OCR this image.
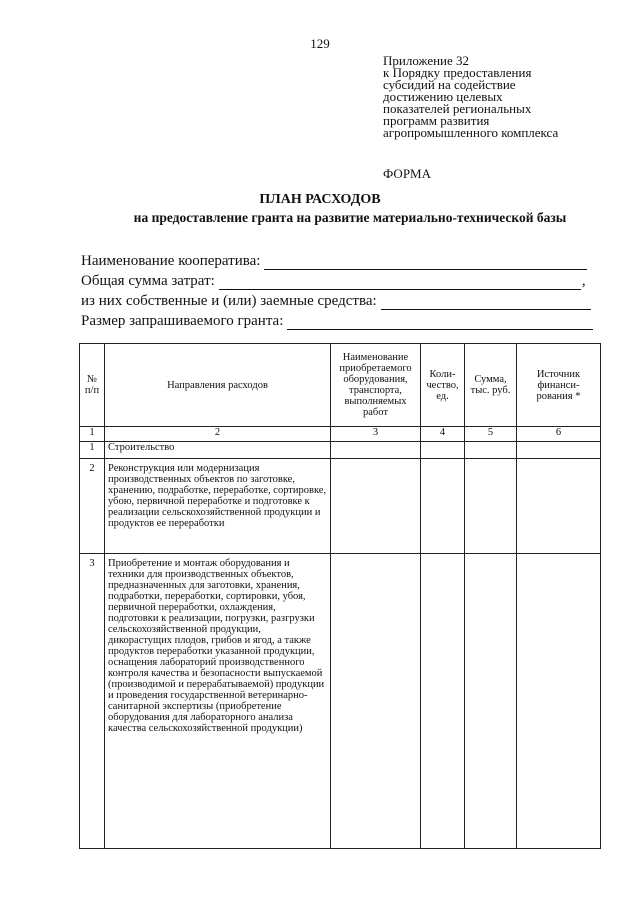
129
Приложение 32
к Порядку предоставления
субсидий на содействие
достижению целевых
показателей региональных
программ развития
агропромышленного комплекса
ФОРМА
ПЛАН РАСХОДОВ
на предоставление гранта на развитие материально-технической базы
Наименование кооператива:
Общая сумма затрат:	,
из них собственные и (или) заемные средства:
Размер запрашиваемого гранта:
№ п/п	Направления расходов	Наименование приобретаемого оборудования, транспорта, выполняемых работ	Коли-чество, ед.	Сумма, тыс. руб.	Источник финанси-рования *
1	2	3	4	5	6
1	Строительство				
2	Реконструкция или модернизация производственных объектов по заготовке, хранению, подработке, переработке, сортировке, убою, первичной переработке и подготовке к реализации сельскохозяйственной продукции и продуктов ее переработки				
3	Приобретение и монтаж оборудования и техники для производственных объектов, предназначенных для заготовки, хранения, подработки, переработки, сортировки, убоя, первичной переработки, охлаждения, подготовки к реализации, погрузки, разгрузки сельскохозяйственной продукции, дикорастущих плодов, грибов и ягод, а также продуктов переработки указанной продукции, оснащения лабораторий производственного контроля качества и безопасности выпускаемой (производимой и перерабатываемой) продукции и проведения государственной ветеринарно-санитарной экспертизы (приобретение оборудования для лабораторного анализа качества сельскохозяйственной продукции)				
